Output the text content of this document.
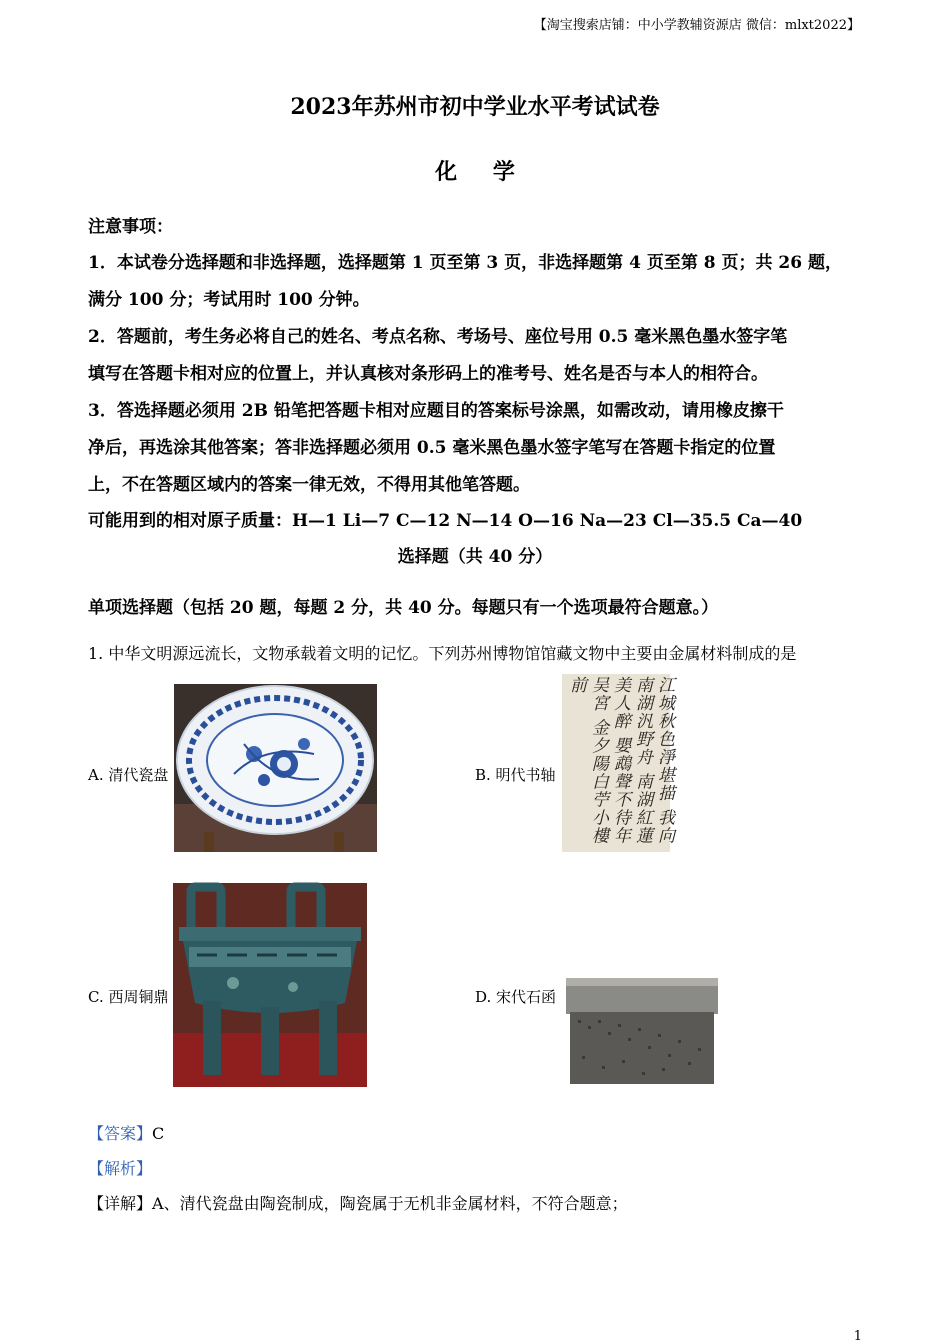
【淘宝搜索店铺：中小学教辅资源店 微信：mlxt2022】
2023年苏州市初中学业水平考试试卷
化 学
注意事项：
1．本试卷分选择题和非选择题，选择题第 1 页至第 3 页，非选择题第 4 页至第 8 页；共 26 题，
满分 100 分；考试用时 100 分钟。
2．答题前，考生务必将自己的姓名、考点名称、考场号、座位号用 0.5 毫米黑色墨水签字笔
填写在答题卡相对应的位置上，并认真核对条形码上的准考号、姓名是否与本人的相符合。
3．答选择题必须用 2B 铅笔把答题卡相对应题目的答案标号涂黑，如需改动，请用橡皮擦干
净后，再选涂其他答案；答非选择题必须用 0.5 毫米黑色墨水签字笔写在答题卡指定的位置
上，不在答题区域内的答案一律无效，不得用其他笔答题。
可能用到的相对原子质量：H—1 Li—7 C—12 N—14 O—16 Na—23 Cl—35.5 Ca—40
选择题（共 40 分）
单项选择题（包括 20 题，每题 2 分，共 40 分。每题只有一个选项最符合题意。）
1. 中华文明源远流长，文物承载着文明的记忆。下列苏州博物馆馆藏文物中主要由金属材料制成的是
A. 清代瓷盘	B. 明代书轴	江城秋色淨堪描 我向南湖汎野舟 南湖紅蓮美人醉 嬰鵡聲不待年吴宮 金夕陽白苧小樓前
C. 西周铜鼎	D. 宋代石函
【答案】C
【解析】
【详解】A、清代瓷盘由陶瓷制成，陶瓷属于无机非金属材料，不符合题意；
1
